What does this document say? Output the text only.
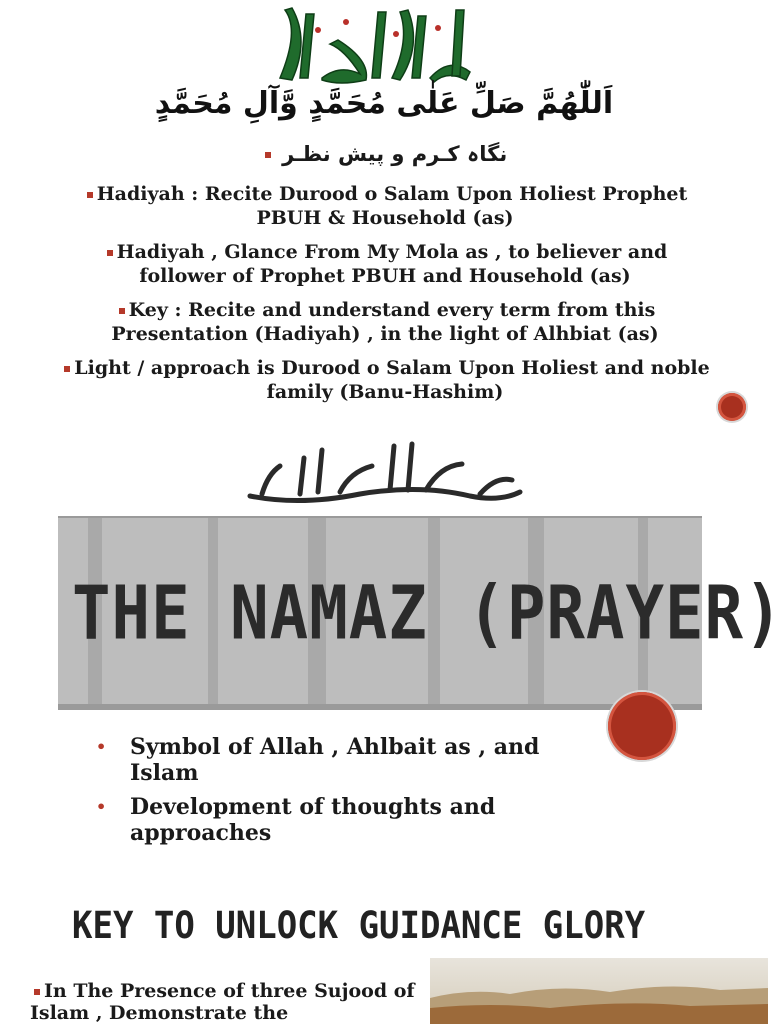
اَللّٰهُمَّ صَلِّ عَلٰی مُحَمَّدٍ وَّآلِ مُحَمَّدٍ
نگاہ کـرم و پیش نظـر
Hadiyah : Recite Durood o Salam Upon Holiest Prophet
PBUH & Household (as)
Hadiyah , Glance From My Mola as , to believer and
follower of Prophet PBUH and Household (as)
Key : Recite and understand every term from this
Presentation (Hadiyah) , in the light of Alhbiat (as)
Light / approach is Durood o Salam Upon Holiest and noble
family (Banu-Hashim)
THE NAMAZ (PRAYER)
• Symbol of Allah , Ahlbait as , and Islam
• Development of thoughts and approaches
KEY TO UNLOCK GUIDANCE GLORY
In The Presence of three Sujood of Islam , Demonstrate the
